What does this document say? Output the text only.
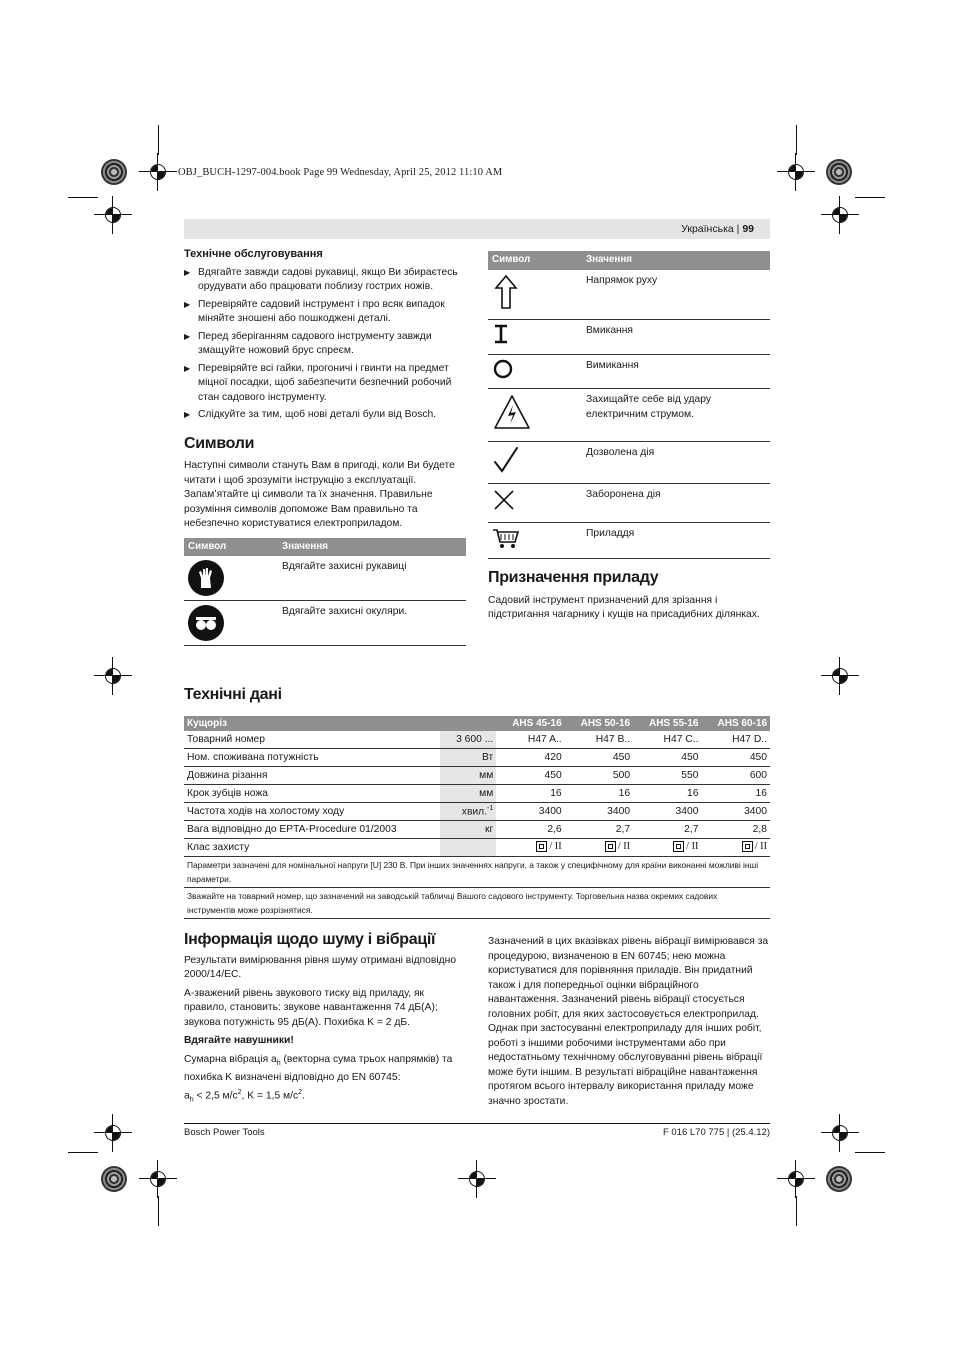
OBJ_BUCH-1297-004.book Page 99 Wednesday, April 25, 2012 11:10 AM
Українська | 99
Технічне обслуговування
▶ Вдягайте завжди садові рукавиці, якщо Ви збираєтесь орудувати або працювати поблизу гострих ножів.
▶ Перевіряйте садовий інструмент і про всяк випадок міняйте зношені або пошкоджені деталі.
▶ Перед зберіганням садового інструменту завжди змащуйте ножовий брус спреєм.
▶ Перевіряйте всі гайки, прогоничі і гвинти на предмет міцної посадки, щоб забезпечити безпечний робочий стан садового інструменту.
▶ Слідкуйте за тим, щоб нові деталі були від Bosch.
Символи

Наступні символи стануть Вам в пригоді, коли Ви будете читати і щоб зрозуміти інструкцію з експлуатації. Запам’ятайте ці символи та їх значення. Правильне розуміння символів допоможе Вам правильно та небезпечно користуватися електроприладом.

Символ	Значення

	Вдягайте захисні рукавиці

	Вдягайте захисні окуляри.
Символ	Значення
	Напрямок руху
	Вмикання
	Вимикання
	Захищайте себе від удару електричним струмом.
	Дозволена дія
	Заборонена дія
	Приладдя
Призначення приладу

Садовий інструмент призначений для зрізання і підстригання чагарнику і кущів на присадибних ділянках.

Технічні дані
Кущоріз		AHS 45-16	AHS 50-16	AHS 55-16	AHS 60-16
Товарний номер	3 600 ...	H47 A..	H47 B..	H47 C..	H47 D..
Ном. споживана потужність	Вт	420	450	450	450
Довжина різання	мм	450	500	550	600
Крок зубців ножа	мм	16	16	16	16
Частота ходів на холостому ходу	хвил.$^{-1}$	3400	3400	3400	3400
Вага відповідно до EPTA-Procedure 01/2003	кг	2,6	2,7	2,7	2,8
Клас захисту		/ II	/ II	/ II	/ II

Параметри зазначені для номінальної напруги [U] 230 В. При інших значеннях напруги, а також у специфічному для країни виконанні можливі інші параметри.					
Зважайте на товарний номер, що зазначений на заводській табличці Вашого садового інструменту. Торговельна назва окремих садових інструментів може розрізнятися.					
Інформація щодо шуму і вібрації

Результати вимірювання рівня шуму отримані відповідно 2000/14/EC.

А-зважений рівень звукового тиску від приладу, як правило, становить: звукове навантаження 74 дБ(A); звукова потужність 95 дБ(A). Похибка K = 2 дБ.

Вдягайте навушники!

Сумарна вібрація $a_h$ (векторна сума трьох напрямків) та похибка K визначені відповідно до EN 60745:
$a_h < 2,5$ $м/с^2$, K = 1,5 $м/с^2$.

Зазначений в цих вказівках рівень вібрації вимірювався за процедурою, визначеною в EN 60745; нею можна користуватися для порівняння приладів. Він придатний також і для попередньої оцінки вібраційного навантаження. Зазначений рівень вібрації стосується головних робіт, для яких застосовується електроприлад. Однак при застосуванні електроприладу для інших робіт, роботі з іншими робочими інструментами або при недостатньому технічному обслуговуванні рівень вібрації може бути іншим. В результаті вібраційне навантаження протягом всього інтервалу використання приладу може значно зростати.

Bosch Power Tools	F 016 L70 775 | (25.4.12)
